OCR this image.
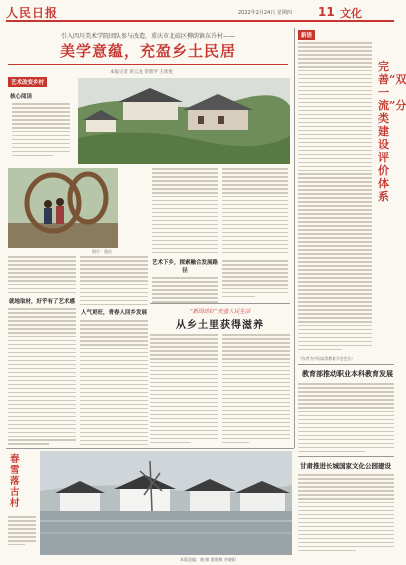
人民日报	2022年2月24日 星期四 11 文化
引入四川美术学院团队参与改造，重庆市北碚区柳荫镇东升村——
美学意蕴，充盈乡土民居
本报记者 蒋云龙 常碧罗 王欣悦
艺术改变乡村
核心阅读
图片：重庆
就地取材，好乎有了艺术感
人气更旺，青春人回乡发展
艺术下乡，探索融合发展路径
“新国动钉”充盈人民生活
从乡土里获得滋养
新语
完善“双一流”分类建设评价体系
（作者为中国高等教育学会会长）
教育部推动职业本科教育发展
甘肃推进长城国家文化公园建设
春雪落古村
本版责编：谢 雁 贾维敏 李晓阳
